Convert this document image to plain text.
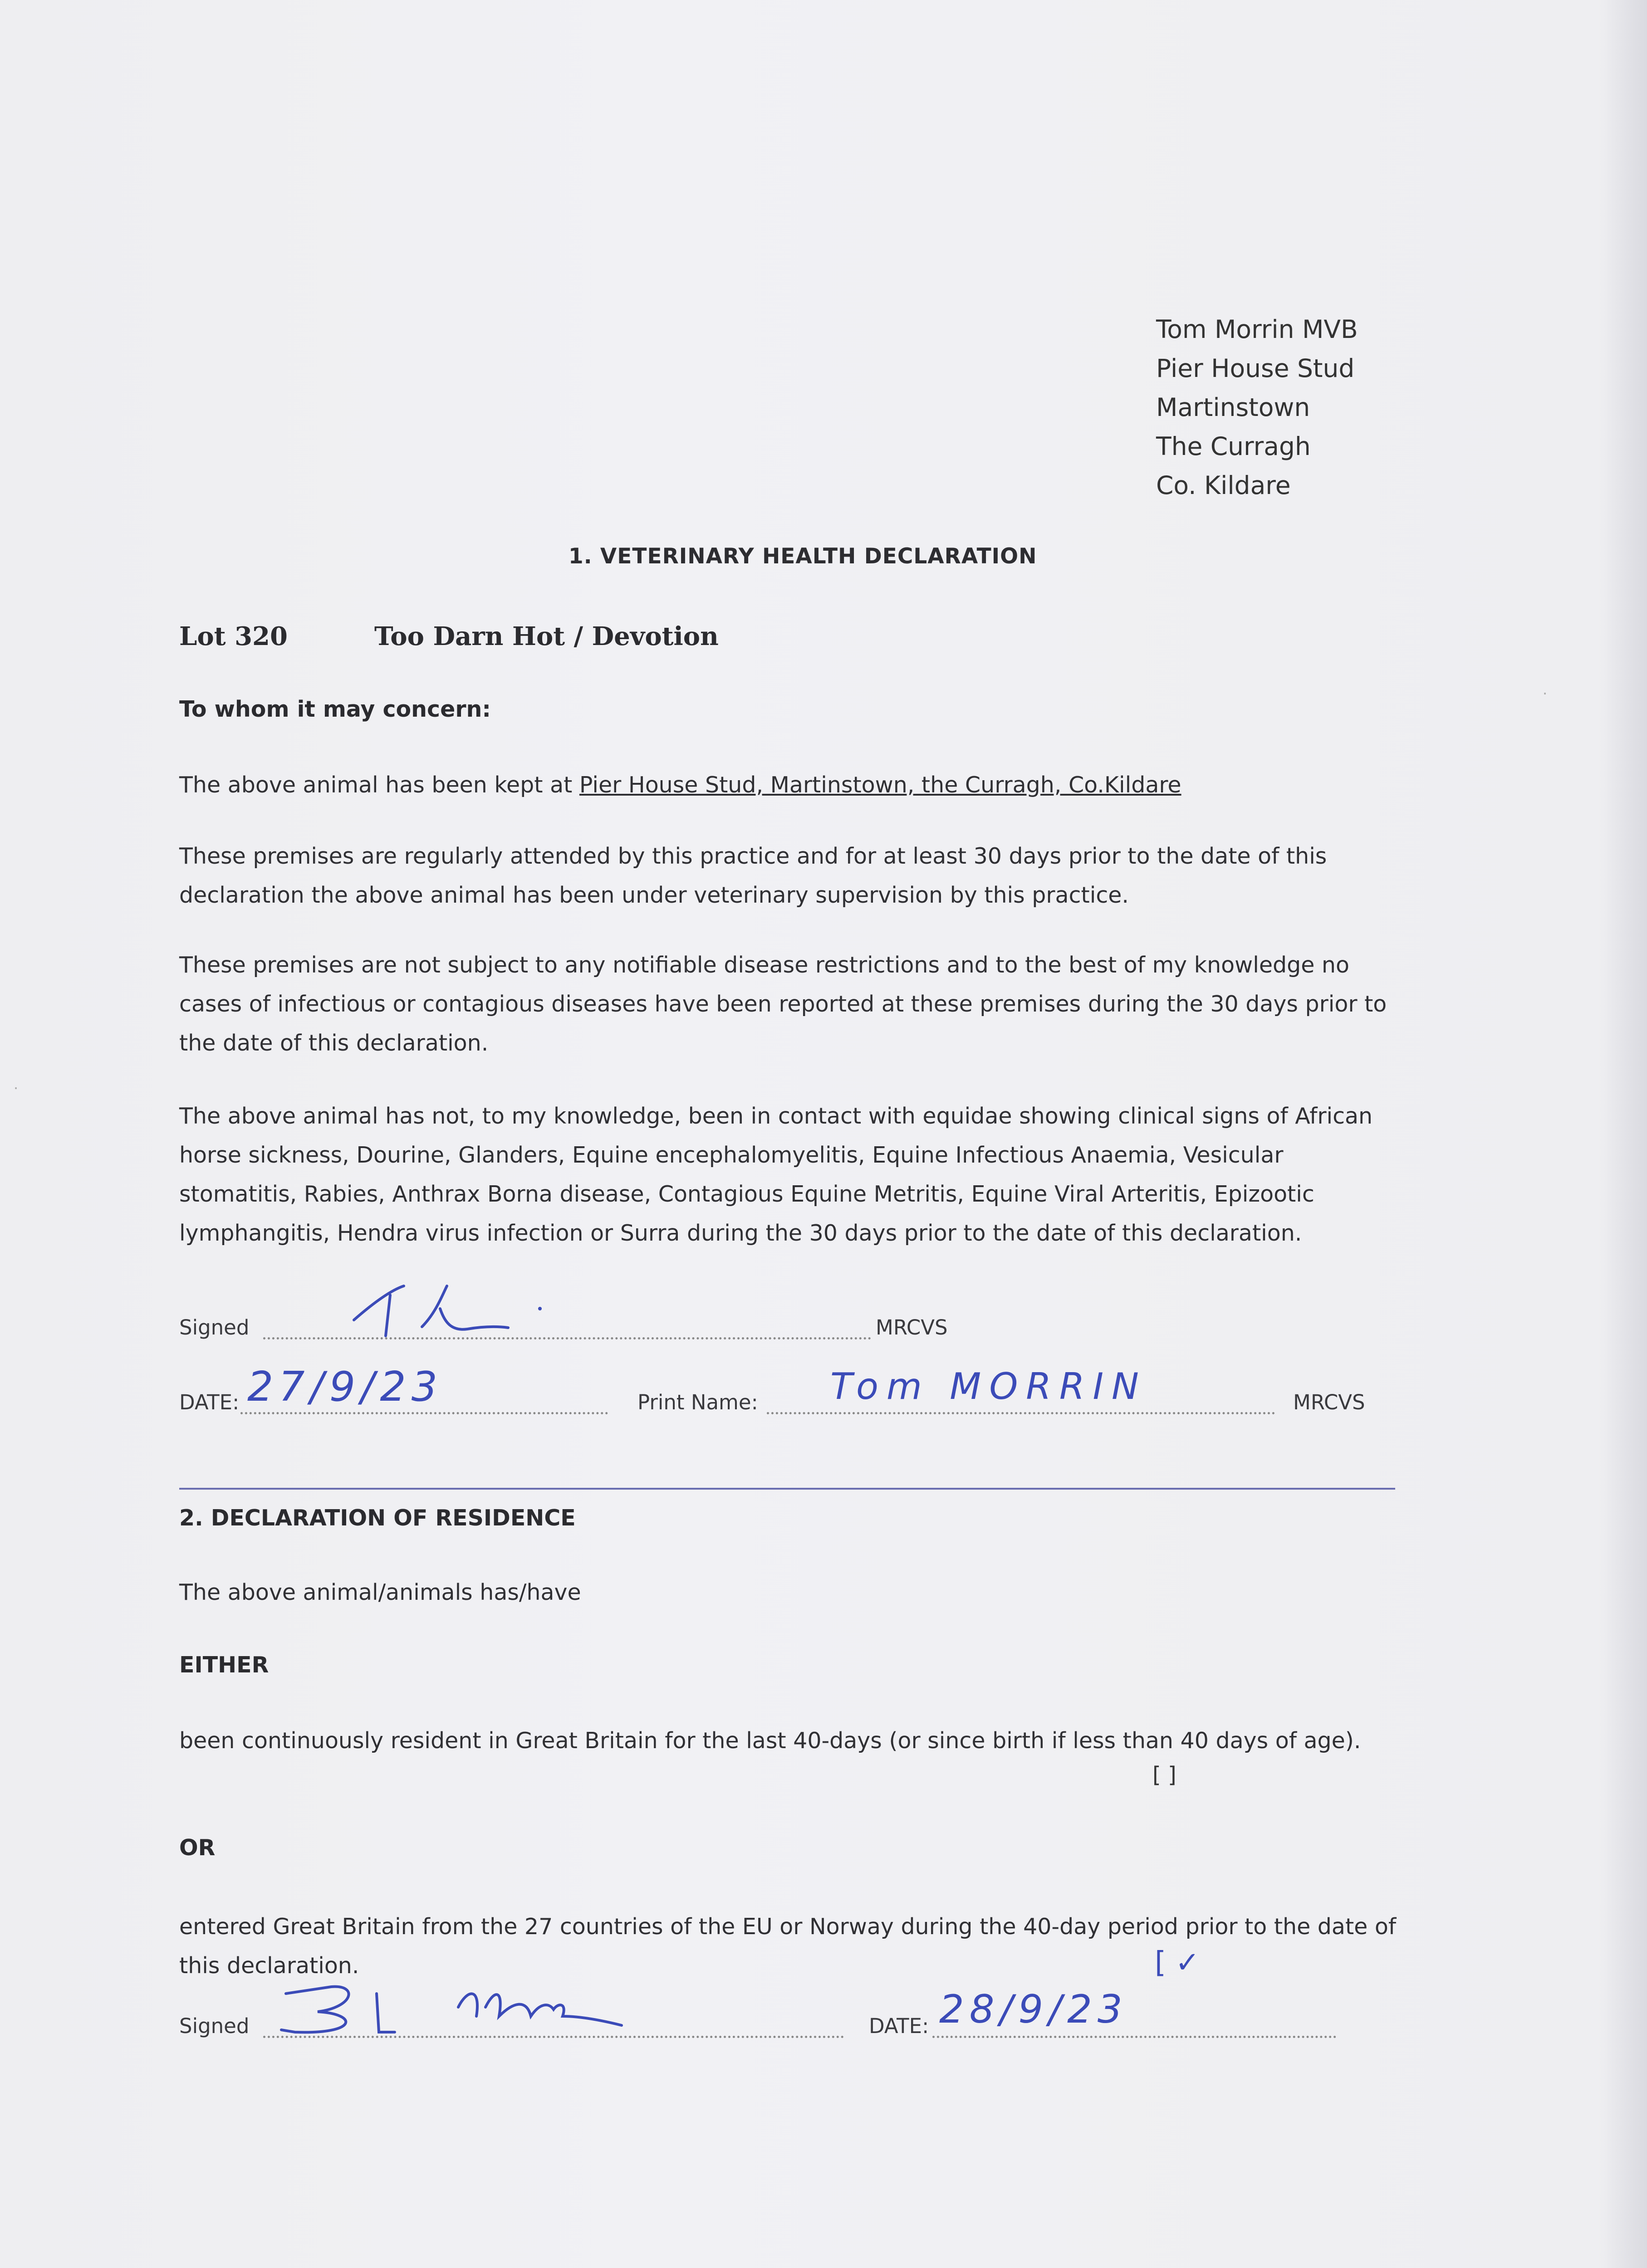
Tom Morrin MVB
Pier House Stud
Martinstown
The Curragh
Co. Kildare
1. VETERINARY HEALTH DECLARATION
Lot 320	Too Darn Hot / Devotion
To whom it may concern:
The above animal has been kept at Pier House Stud, Martinstown, the Curragh, Co.Kildare

These premises are regularly attended by this practice and for at least 30 days prior to the date of this declaration the above animal has been under veterinary supervision by this practice.

These premises are not subject to any notifiable disease restrictions and to the best of my knowledge no cases of infectious or contagious diseases have been reported at these premises during the 30 days prior to the date of this declaration.

The above animal has not, to my knowledge, been in contact with equidae showing clinical signs of African horse sickness, Dourine, Glanders, Equine encephalomyelitis, Equine Infectious Anaemia, Vesicular stomatitis, Rabies, Anthrax Borna disease, Contagious Equine Metritis, Equine Viral Arteritis, Epizootic lymphangitis, Hendra virus infection or Surra during the 30 days prior to the date of this declaration.

Signed	MRCVS
DATE: 27/9/23	Print Name: Tom MORRIN	MRCVS
2. DECLARATION OF RESIDENCE
The above animal/animals has/have
EITHER

been continuously resident in Great Britain for the last 40-days (or since birth if less than 40 days of age).

[ ]
OR

entered Great Britain from the 27 countries of the EU or Norway during the 40-day period prior to the date of this declaration.	[ ✓
Signed	DATE: 28/9/23
·
·
